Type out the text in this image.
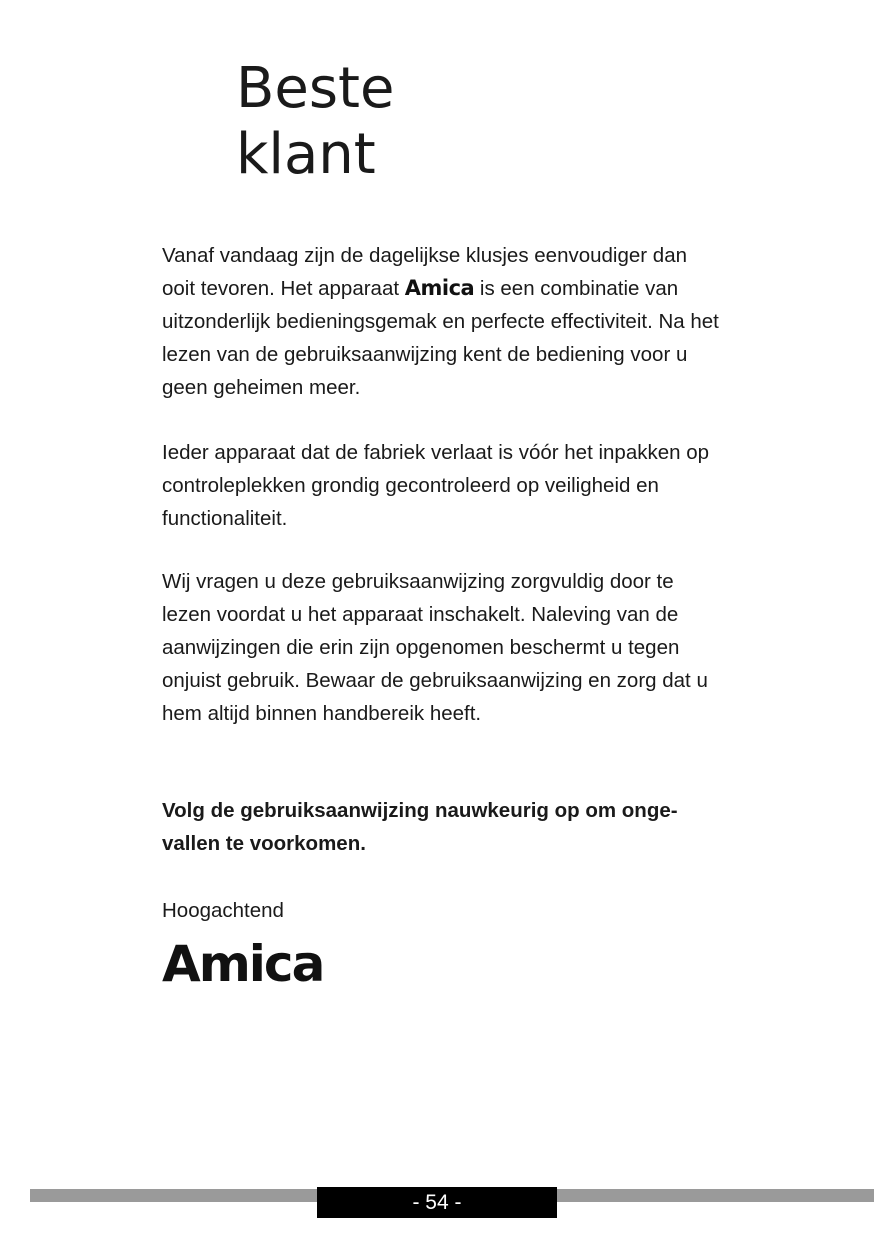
Beste
klant

Vanaf vandaag zijn de dagelijkse klusjes eenvoudiger dan ooit tevoren. Het apparaat Amica is een combinatie van uitzonderlijk bedieningsgemak en perfecte effectiviteit. Na het lezen van de gebruiksaanwijzing kent de bediening voor u geen geheimen meer.

Ieder apparaat dat de fabriek verlaat is vóór het inpakken op controleplekken grondig gecontroleerd op veiligheid en functionaliteit.

Wij vragen u deze gebruiksaanwijzing zorgvuldig door te lezen voordat u het apparaat inschakelt. Naleving van de aanwijzingen die erin zijn opgenomen beschermt u tegen onjuist gebruik. Bewaar de gebruiksaanwijzing en zorg dat u hem altijd binnen handbereik heeft.

Volg de gebruiksaanwijzing nauwkeurig op om ongevallen te voorkomen.

Hoogachtend

Amica
- 54 -
